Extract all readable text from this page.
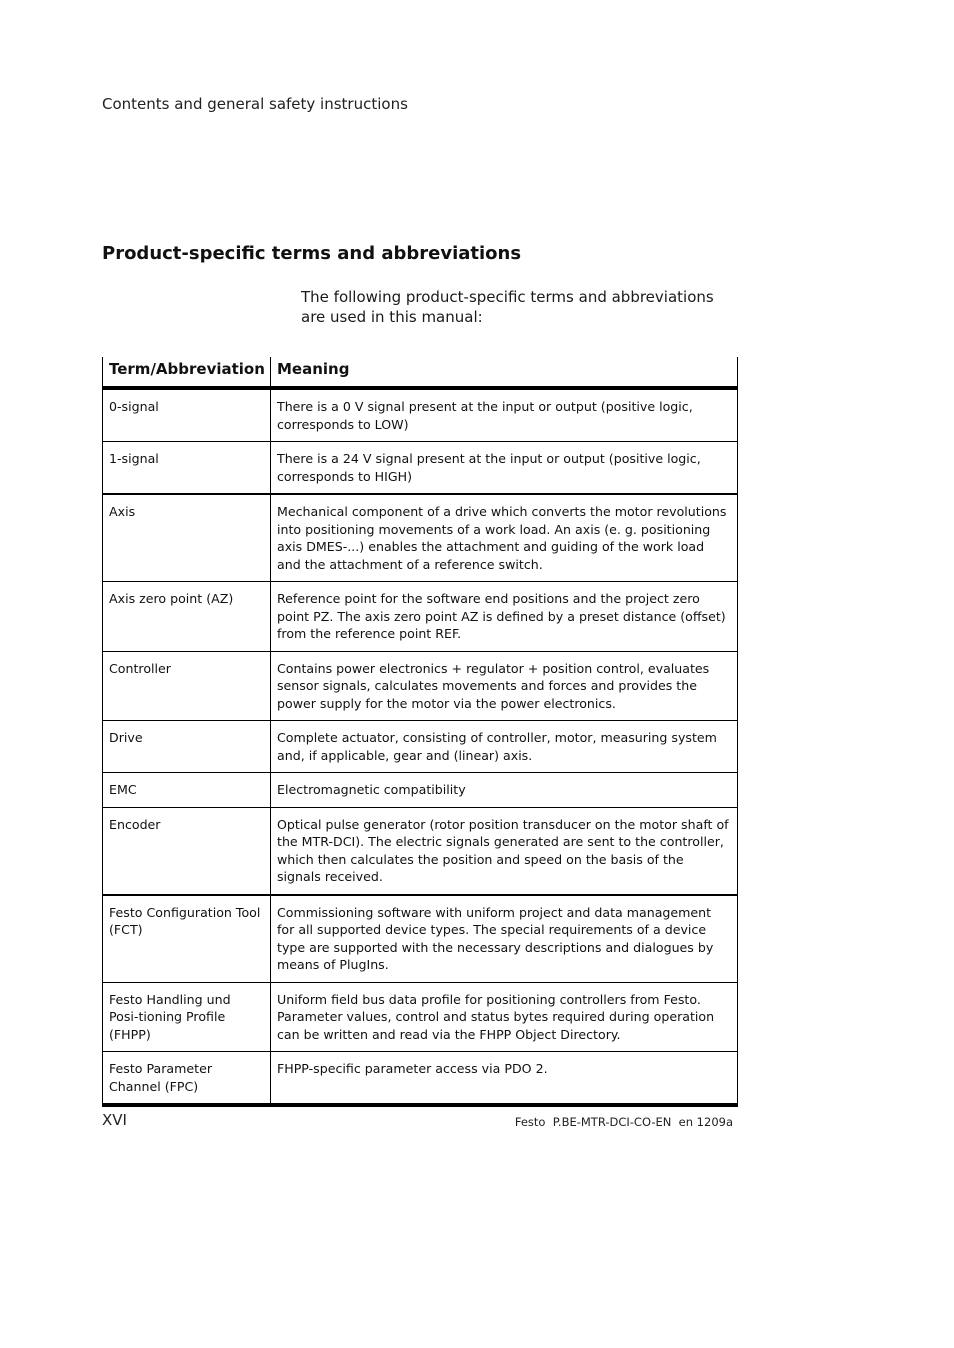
Contents and general safety instructions
Product-specific terms and abbreviations

The following product-specific terms and abbreviations are used in this manual:

Term/Abbreviation	Meaning
0-signal	There is a 0 V signal present at the input or output (positive logic, corresponds to LOW)
1-signal	There is a 24 V signal present at the input or output (positive logic, corresponds to HIGH)
Axis	Mechanical component of a drive which converts the motor revolutions into positioning movements of a work load. An axis (e. g. positioning axis DMES-...) enables the attachment and guiding of the work load and the attachment of a reference switch.
Axis zero point (AZ)	Reference point for the software end positions and the project zero point PZ. The axis zero point AZ is defined by a preset distance (offset) from the reference point REF.
Controller	Contains power electronics + regulator + position control, evaluates sensor signals, calculates movements and forces and provides the power supply for the motor via the power electronics.
Drive	Complete actuator, consisting of controller, motor, measuring system and, if applicable, gear and (linear) axis.
EMC	Electromagnetic compatibility
Encoder	Optical pulse generator (rotor position transducer on the motor shaft of the MTR-DCI). The electric signals generated are sent to the controller, which then calculates the position and speed on the basis of the signals received.
Festo Configuration Tool (FCT)	Commissioning software with uniform project and data management for all supported device types. The special requirements of a device type are supported with the necessary descriptions and dialogues by means of PlugIns.
Festo Handling und Posi-tioning Profile (FHPP)	Uniform field bus data profile for positioning controllers from Festo. Parameter values, control and status bytes required during operation can be written and read via the FHPP Object Directory.
Festo Parameter Channel (FPC)	FHPP-specific parameter access via PDO 2.
XVI	Festo  P.BE-MTR-DCI-CO-EN  en 1209a
